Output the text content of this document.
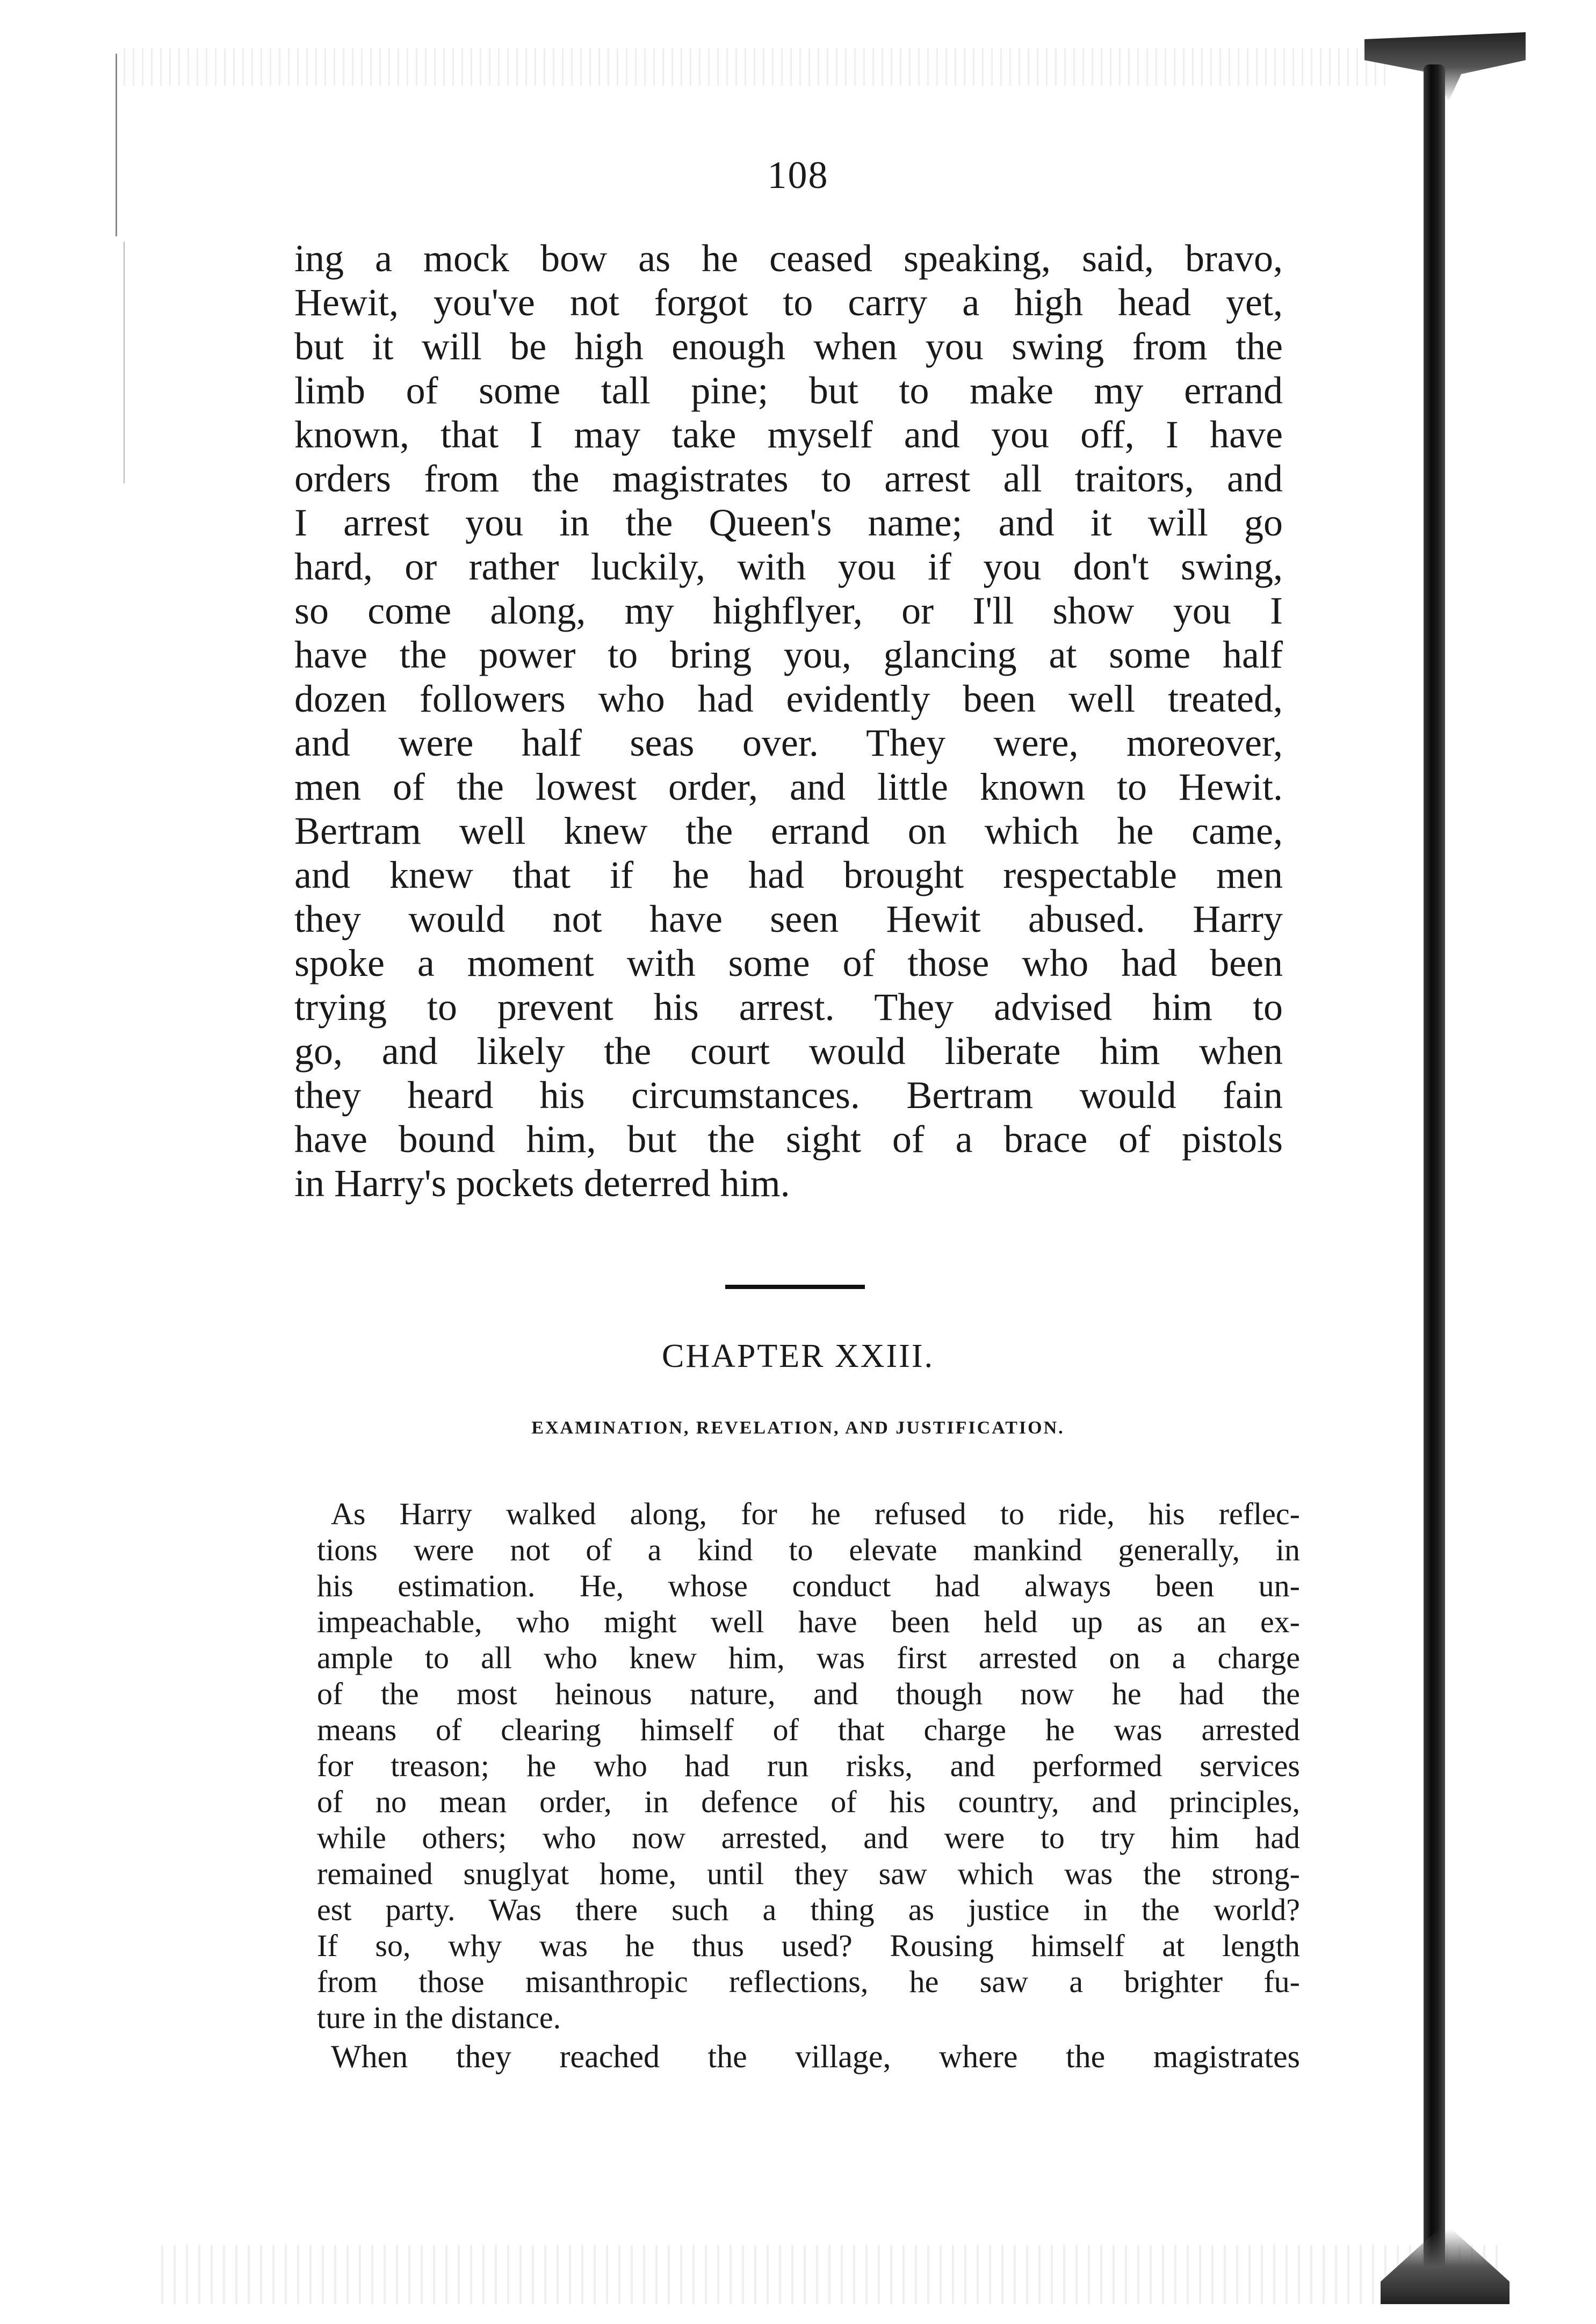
108
ing a mock bow as he ceased speaking, said, bravo,
Hewit, you've not forgot to carry a high head yet,
but it will be high enough when you swing from the
limb of some tall pine; but to make my errand
known, that I may take myself and you off, I have
orders from the magistrates to arrest all traitors, and
I arrest you in the Queen's name; and it will go
hard, or rather luckily, with you if you don't swing,
so come along, my highflyer, or I'll show you I
have the power to bring you, glancing at some half
dozen followers who had evidently been well treated,
and were half seas over. They were, moreover,
men of the lowest order, and little known to Hewit.
Bertram well knew the errand on which he came,
and knew that if he had brought respectable men
they would not have seen Hewit abused. Harry
spoke a moment with some of those who had been
trying to prevent his arrest. They advised him to
go, and likely the court would liberate him when
they heard his circumstances. Bertram would fain
have bound him, but the sight of a brace of pistols
in Harry's pockets deterred him.
CHAPTER XXIII.
EXAMINATION, REVELATION, AND JUSTIFICATION.
As Harry walked along, for he refused to ride, his reflec-
tions were not of a kind to elevate mankind generally, in
his estimation. He, whose conduct had always been un-
impeachable, who might well have been held up as an ex-
ample to all who knew him, was first arrested on a charge
of the most heinous nature, and though now he had the
means of clearing himself of that charge he was arrested
for treason; he who had run risks, and performed services
of no mean order, in defence of his country, and principles,
while others; who now arrested, and were to try him had
remained snuglyat home, until they saw which was the strong-
est party. Was there such a thing as justice in the world?
If so, why was he thus used? Rousing himself at length
from those misanthropic reflections, he saw a brighter fu-
ture in the distance.
When they reached the village, where the magistrates
